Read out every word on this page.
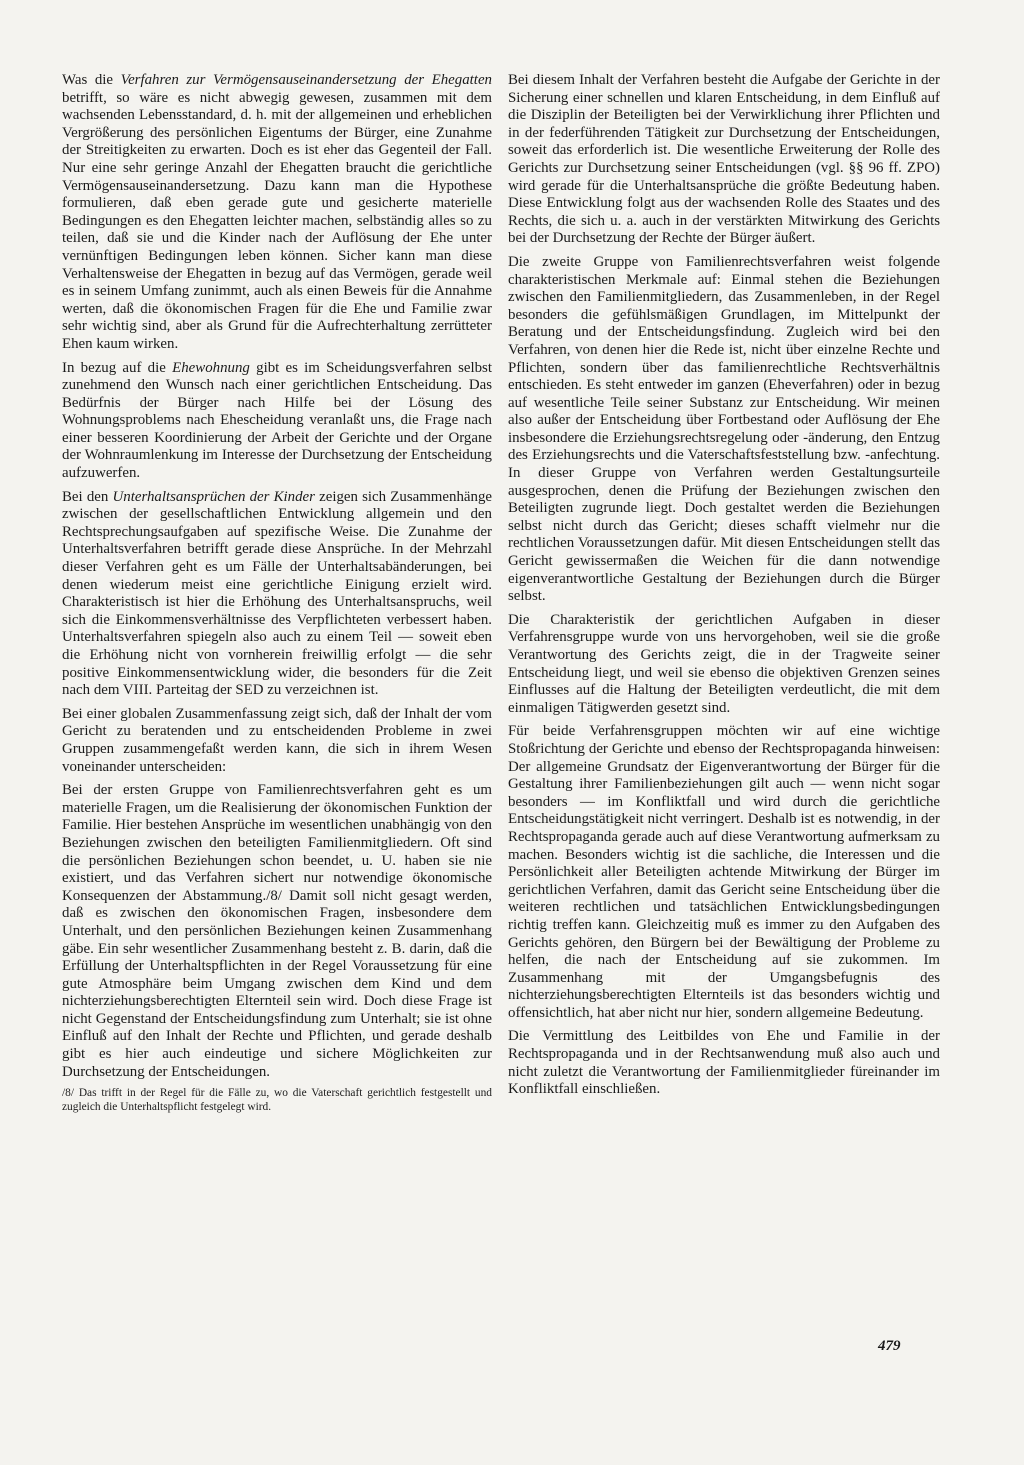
Was die Verfahren zur Vermögensauseinandersetzung der Ehegatten betrifft, so wäre es nicht abwegig gewesen, zusammen mit dem wachsenden Lebensstandard, d. h. mit der allgemeinen und erheblichen Vergrößerung des persönlichen Eigentums der Bürger, eine Zunahme der Streitigkeiten zu erwarten. Doch es ist eher das Gegenteil der Fall. Nur eine sehr geringe Anzahl der Ehegatten braucht die gerichtliche Vermögensauseinandersetzung. Dazu kann man die Hypothese formulieren, daß eben gerade gute und gesicherte materielle Bedingungen es den Ehegatten leichter machen, selbständig alles so zu teilen, daß sie und die Kinder nach der Auflösung der Ehe unter vernünftigen Bedingungen leben können. Sicher kann man diese Verhaltensweise der Ehegatten in bezug auf das Vermögen, gerade weil es in seinem Umfang zunimmt, auch als einen Beweis für die Annahme werten, daß die ökonomischen Fragen für die Ehe und Familie zwar sehr wichtig sind, aber als Grund für die Aufrechterhaltung zerrütteter Ehen kaum wirken.

In bezug auf die Ehewohnung gibt es im Scheidungsverfahren selbst zunehmend den Wunsch nach einer gerichtlichen Entscheidung. Das Bedürfnis der Bürger nach Hilfe bei der Lösung des Wohnungsproblems nach Ehescheidung veranlaßt uns, die Frage nach einer besseren Koordinierung der Arbeit der Gerichte und der Organe der Wohnraumlenkung im Interesse der Durchsetzung der Entscheidung aufzuwerfen.

Bei den Unterhaltsansprüchen der Kinder zeigen sich Zusammenhänge zwischen der gesellschaftlichen Entwicklung allgemein und den Rechtsprechungsaufgaben auf spezifische Weise. Die Zunahme der Unterhaltsverfahren betrifft gerade diese Ansprüche. In der Mehrzahl dieser Verfahren geht es um Fälle der Unterhaltsabänderungen, bei denen wiederum meist eine gerichtliche Einigung erzielt wird. Charakteristisch ist hier die Erhöhung des Unterhaltsanspruchs, weil sich die Einkommensverhältnisse des Verpflichteten verbessert haben. Unterhaltsverfahren spiegeln also auch zu einem Teil — soweit eben die Erhöhung nicht von vornherein freiwillig erfolgt — die sehr positive Einkommensentwicklung wider, die besonders für die Zeit nach dem VIII. Parteitag der SED zu verzeichnen ist.

Bei einer globalen Zusammenfassung zeigt sich, daß der Inhalt der vom Gericht zu beratenden und zu entscheidenden Probleme in zwei Gruppen zusammengefaßt werden kann, die sich in ihrem Wesen voneinander unterscheiden:

Bei der ersten Gruppe von Familienrechtsverfahren geht es um materielle Fragen, um die Realisierung der ökonomischen Funktion der Familie. Hier bestehen Ansprüche im wesentlichen unabhängig von den Beziehungen zwischen den beteiligten Familienmitgliedern. Oft sind die persönlichen Beziehungen schon beendet, u. U. haben sie nie existiert, und das Verfahren sichert nur notwendige ökonomische Konsequenzen der Abstammung./8/ Damit soll nicht gesagt werden, daß es zwischen den ökonomischen Fragen, insbesondere dem Unterhalt, und den persönlichen Beziehungen keinen Zusammenhang gäbe. Ein sehr wesentlicher Zusammenhang besteht z. B. darin, daß die Erfüllung der Unterhaltspflichten in der Regel Voraussetzung für eine gute Atmosphäre beim Umgang zwischen dem Kind und dem nichterziehungsberechtigten Elternteil sein wird. Doch diese Frage ist nicht Gegenstand der Entscheidungsfindung zum Unterhalt; sie ist ohne Einfluß auf den Inhalt der Rechte und Pflichten, und gerade deshalb gibt es hier auch eindeutige und sichere Möglichkeiten zur Durchsetzung der Entscheidungen.

/8/ Das trifft in der Regel für die Fälle zu, wo die Vaterschaft gerichtlich festgestellt und zugleich die Unterhaltspflicht festgelegt wird.

Bei diesem Inhalt der Verfahren besteht die Aufgabe der Gerichte in der Sicherung einer schnellen und klaren Entscheidung, in dem Einfluß auf die Disziplin der Beteiligten bei der Verwirklichung ihrer Pflichten und in der federführenden Tätigkeit zur Durchsetzung der Entscheidungen, soweit das erforderlich ist. Die wesentliche Erweiterung der Rolle des Gerichts zur Durchsetzung seiner Entscheidungen (vgl. §§ 96 ff. ZPO) wird gerade für die Unterhaltsansprüche die größte Bedeutung haben. Diese Entwicklung folgt aus der wachsenden Rolle des Staates und des Rechts, die sich u. a. auch in der verstärkten Mitwirkung des Gerichts bei der Durchsetzung der Rechte der Bürger äußert.

Die zweite Gruppe von Familienrechtsverfahren weist folgende charakteristischen Merkmale auf: Einmal stehen die Beziehungen zwischen den Familienmitgliedern, das Zusammenleben, in der Regel besonders die gefühlsmäßigen Grundlagen, im Mittelpunkt der Beratung und der Entscheidungsfindung. Zugleich wird bei den Verfahren, von denen hier die Rede ist, nicht über einzelne Rechte und Pflichten, sondern über das familienrechtliche Rechtsverhältnis entschieden. Es steht entweder im ganzen (Eheverfahren) oder in bezug auf wesentliche Teile seiner Substanz zur Entscheidung. Wir meinen also außer der Entscheidung über Fortbestand oder Auflösung der Ehe insbesondere die Erziehungsrechtsregelung oder -änderung, den Entzug des Erziehungsrechts und die Vaterschaftsfeststellung bzw. -anfechtung. In dieser Gruppe von Verfahren werden Gestaltungsurteile ausgesprochen, denen die Prüfung der Beziehungen zwischen den Beteiligten zugrunde liegt. Doch gestaltet werden die Beziehungen selbst nicht durch das Gericht; dieses schafft vielmehr nur die rechtlichen Voraussetzungen dafür. Mit diesen Entscheidungen stellt das Gericht gewissermaßen die Weichen für die dann notwendige eigenverantwortliche Gestaltung der Beziehungen durch die Bürger selbst.

Die Charakteristik der gerichtlichen Aufgaben in dieser Verfahrensgruppe wurde von uns hervorgehoben, weil sie die große Verantwortung des Gerichts zeigt, die in der Tragweite seiner Entscheidung liegt, und weil sie ebenso die objektiven Grenzen seines Einflusses auf die Haltung der Beteiligten verdeutlicht, die mit dem einmaligen Tätigwerden gesetzt sind.

Für beide Verfahrensgruppen möchten wir auf eine wichtige Stoßrichtung der Gerichte und ebenso der Rechtspropaganda hinweisen: Der allgemeine Grundsatz der Eigenverantwortung der Bürger für die Gestaltung ihrer Familienbeziehungen gilt auch — wenn nicht sogar besonders — im Konfliktfall und wird durch die gerichtliche Entscheidungstätigkeit nicht verringert. Deshalb ist es notwendig, in der Rechtspropaganda gerade auch auf diese Verantwortung aufmerksam zu machen. Besonders wichtig ist die sachliche, die Interessen und die Persönlichkeit aller Beteiligten achtende Mitwirkung der Bürger im gerichtlichen Verfahren, damit das Gericht seine Entscheidung über die weiteren rechtlichen und tatsächlichen Entwicklungsbedingungen richtig treffen kann. Gleichzeitig muß es immer zu den Aufgaben des Gerichts gehören, den Bürgern bei der Bewältigung der Probleme zu helfen, die nach der Entscheidung auf sie zukommen. Im Zusammenhang mit der Umgangsbefugnis des nichterziehungsberechtigten Elternteils ist das besonders wichtig und offensichtlich, hat aber nicht nur hier, sondern allgemeine Bedeutung.

Die Vermittlung des Leitbildes von Ehe und Familie in der Rechtspropaganda und in der Rechtsanwendung muß also auch und nicht zuletzt die Verantwortung der Familienmitglieder füreinander im Konfliktfall einschließen.

479
